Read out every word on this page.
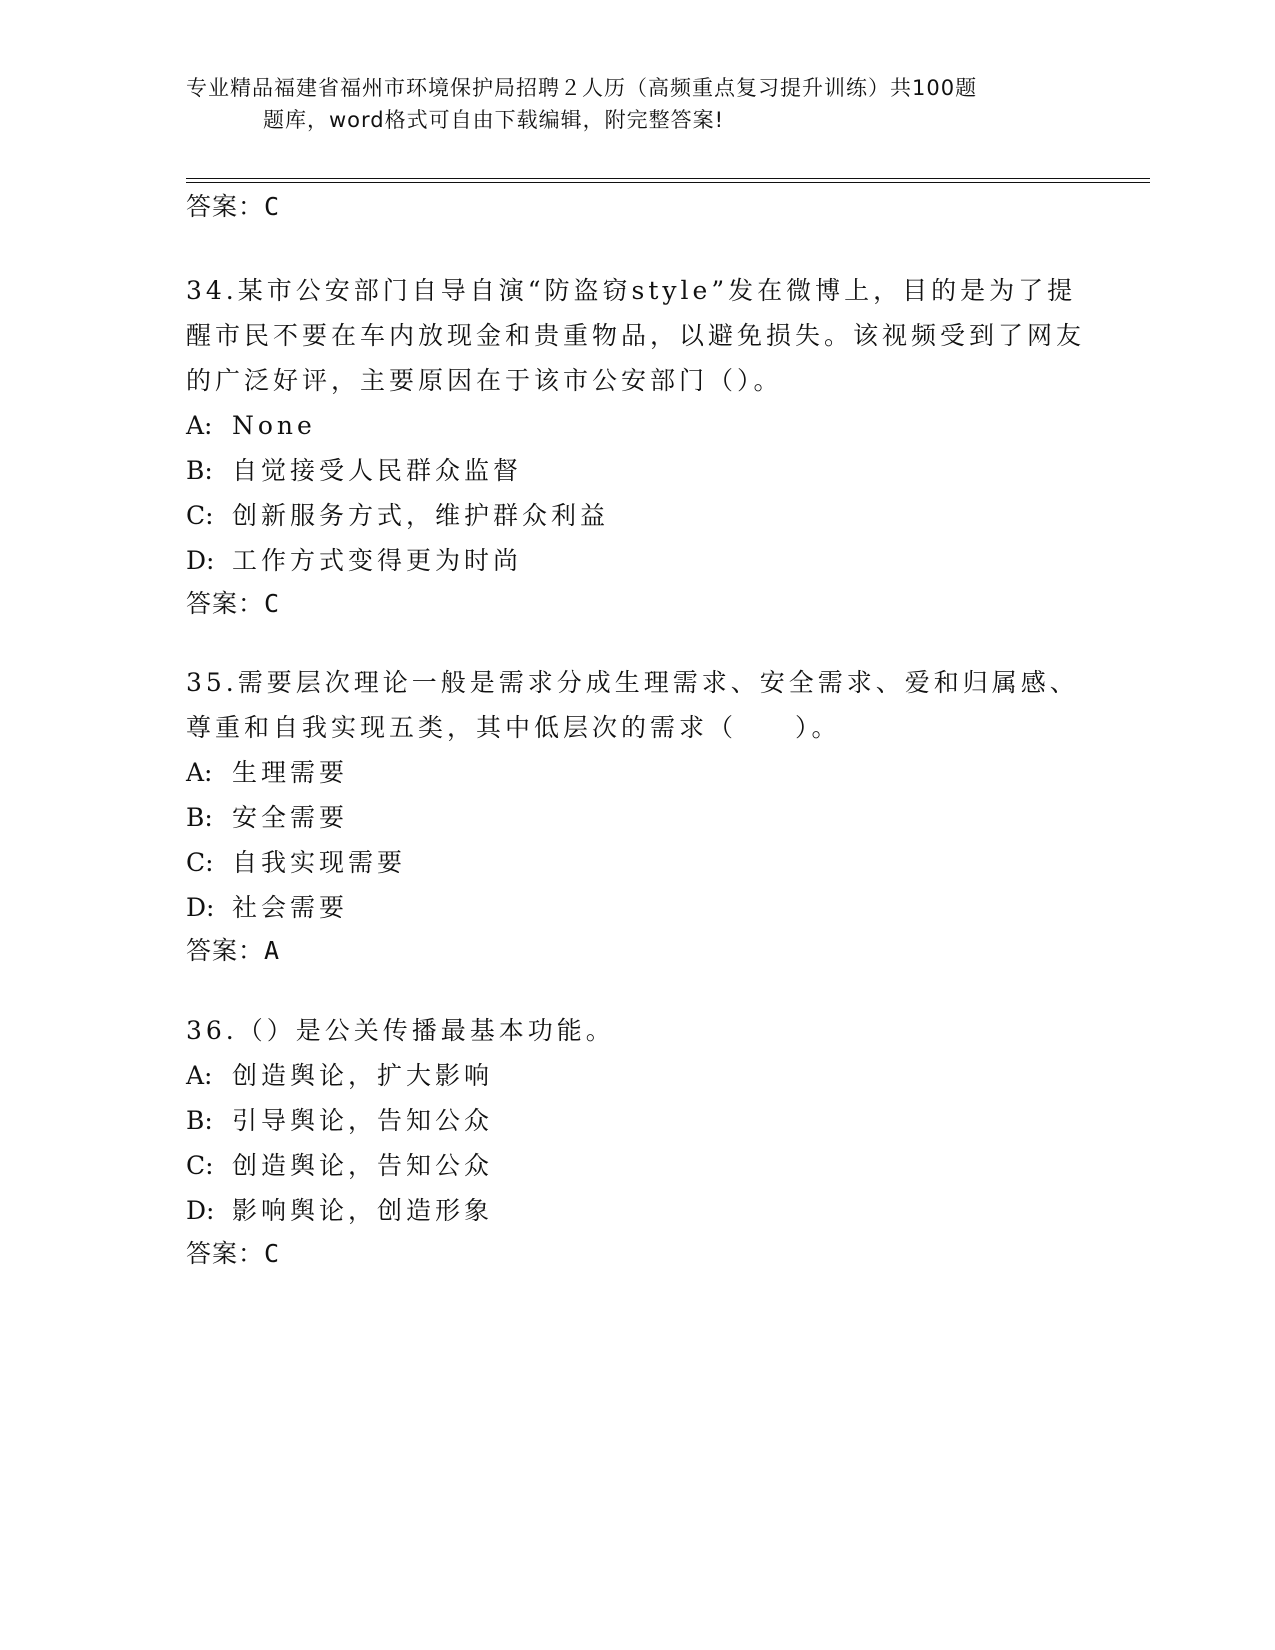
专业精品福建省福州市环境保护局招聘２人历（高频重点复习提升训练）共100题
题库，word格式可自由下载编辑，附完整答案!
答案：C
34.某市公安部门自导自演“防盗窃style”发在微博上，目的是为了提醒市民不要在车内放现金和贵重物品，以避免损失。该视频受到了网友的广泛好评，主要原因在于该市公安部门（）。
A: None
B: 自觉接受人民群众监督
C: 创新服务方式，维护群众利益
D: 工作方式变得更为时尚
答案：C
35.需要层次理论一般是需求分成生理需求、安全需求、爱和归属感、尊重和自我实现五类，其中低层次的需求（　　）。
A: 生理需要
B: 安全需要
C: 自我实现需要
D: 社会需要
答案：A
36.（）是公关传播最基本功能。
A: 创造舆论，扩大影响
B: 引导舆论，告知公众
C: 创造舆论，告知公众
D: 影响舆论，创造形象
答案：C
